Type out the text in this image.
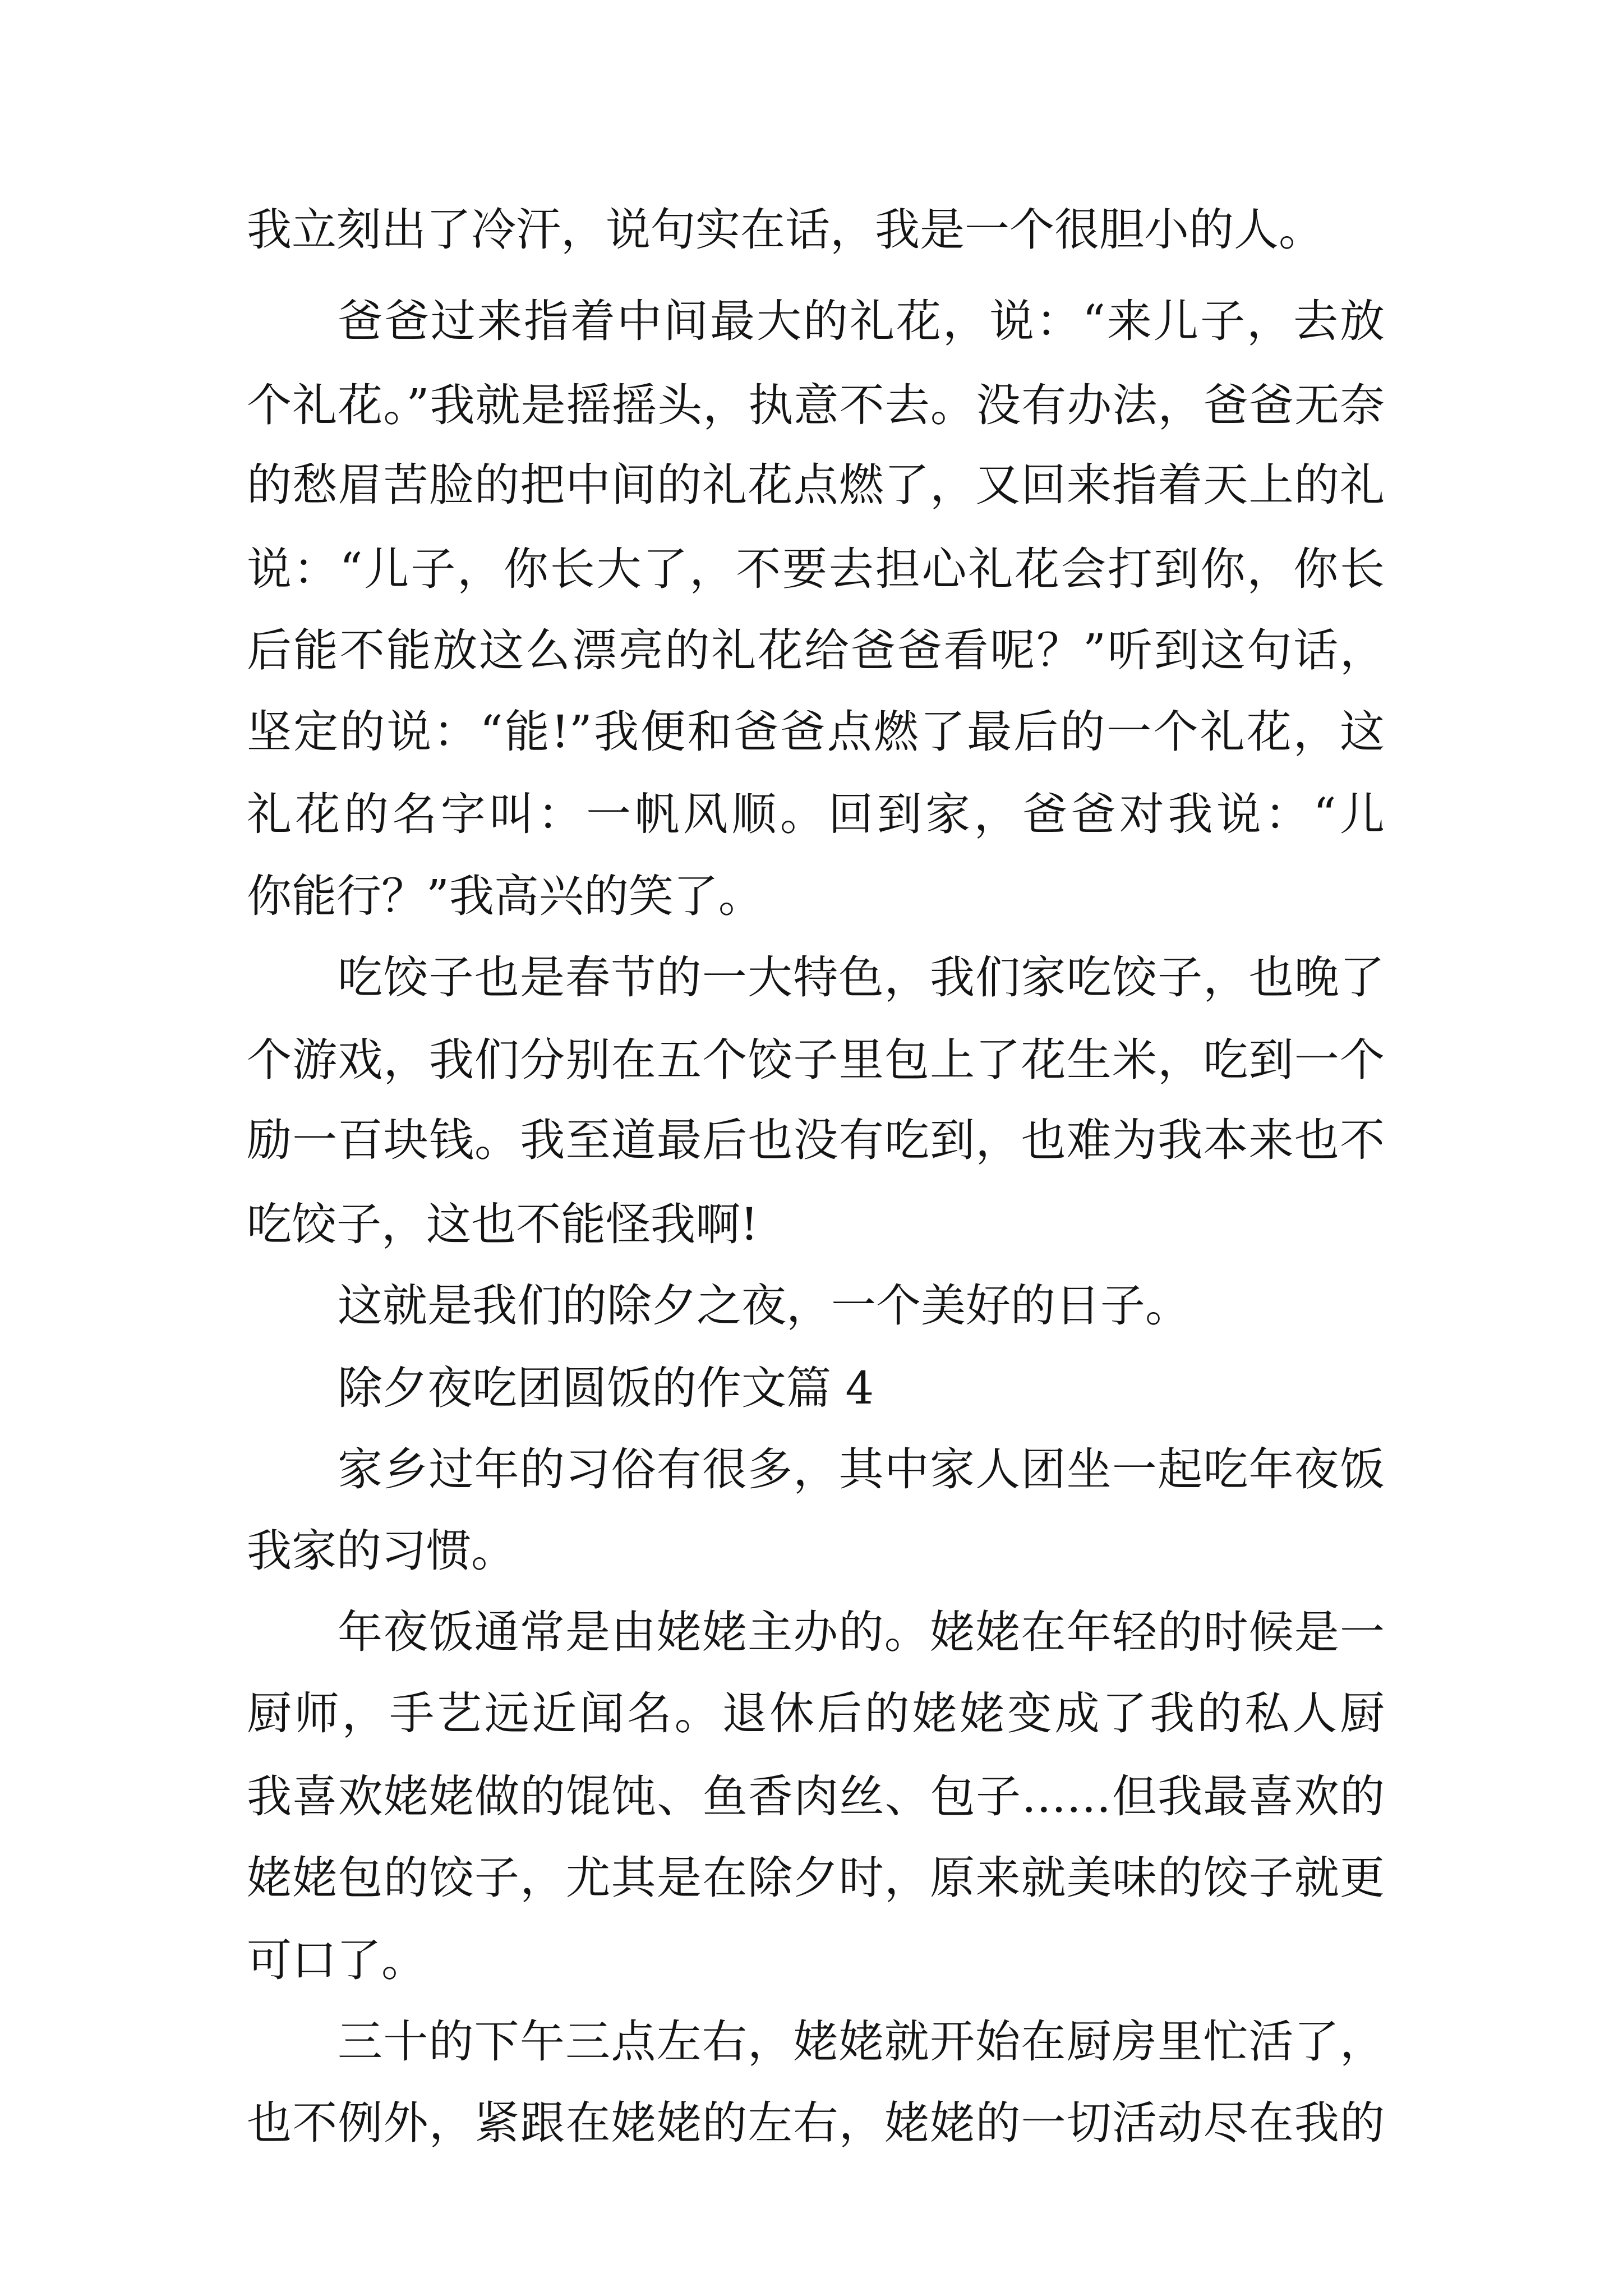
我立刻出了冷汗，说句实在话，我是一个很胆小的人。

爸爸过来指着中间最大的礼花，说：“来儿子，去放

个礼花。”我就是摇摇头，执意不去。没有办法，爸爸无奈

的愁眉苦脸的把中间的礼花点燃了，又回来指着天上的礼

说：“儿子，你长大了，不要去担心礼花会打到你，你长

后能不能放这么漂亮的礼花给爸爸看呢？”听到这句话，

坚定的说：“能!”我便和爸爸点燃了最后的一个礼花，这

礼花的名字叫：一帆风顺。回到家，爸爸对我说：“儿

你能行？”我高兴的笑了。

吃饺子也是春节的一大特色，我们家吃饺子，也晚了

个游戏，我们分别在五个饺子里包上了花生米，吃到一个

励一百块钱。我至道最后也没有吃到，也难为我本来也不

吃饺子，这也不能怪我啊!

这就是我们的除夕之夜，一个美好的日子。

除夕夜吃团圆饭的作文篇 4

家乡过年的习俗有很多，其中家人团坐一起吃年夜饭

我家的习惯。

年夜饭通常是由姥姥主办的。姥姥在年轻的时候是一

厨师，手艺远近闻名。退休后的姥姥变成了我的私人厨

我喜欢姥姥做的馄饨、鱼香肉丝、包子……但我最喜欢的

姥姥包的饺子，尤其是在除夕时，原来就美味的饺子就更

可口了。

三十的下午三点左右，姥姥就开始在厨房里忙活了，

也不例外，紧跟在姥姥的左右，姥姥的一切活动尽在我的
